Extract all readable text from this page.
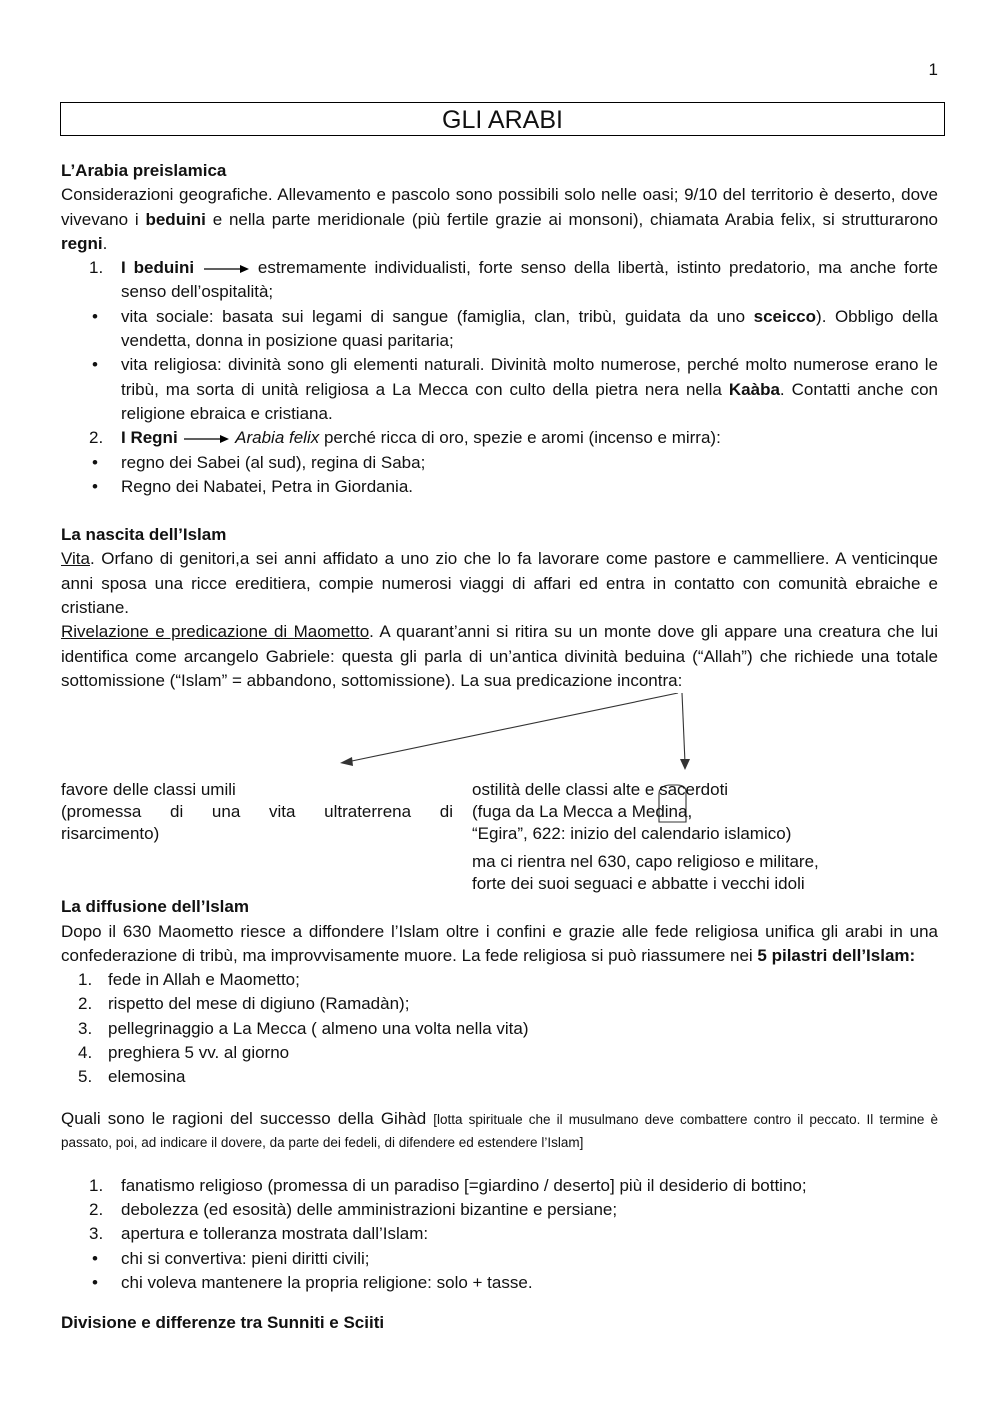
1
GLI ARABI
L’Arabia preislamica
Considerazioni geografiche. Allevamento e pascolo sono possibili solo nelle oasi; 9/10 del territorio è deserto, dove vivevano i beduini e nella parte meridionale (più fertile grazie ai monsoni), chiamata Arabia felix, si strutturarono regni.
1. I beduini	estremamente individualisti, forte senso della libertà, istinto predatorio, ma anche forte senso dell’ospitalità;
• vita sociale: basata sui legami di sangue (famiglia, clan, tribù, guidata da uno sceicco). Obbligo della vendetta, donna in posizione quasi paritaria;
• vita religiosa: divinità sono gli elementi naturali. Divinità molto numerose, perché molto numerose erano le tribù, ma sorta di unità religiosa a La Mecca con culto della pietra nera nella Kaàba. Contatti anche con religione ebraica e cristiana.
2. I Regni	Arabia felix perché ricca di oro, spezie e aromi (incenso e mirra):
• regno dei Sabei (al sud), regina di Saba;
• Regno dei Nabatei, Petra in Giordania.
La nascita dell’Islam
Vita. Orfano di genitori,a sei anni affidato a uno zio che lo fa lavorare come pastore e cammelliere. A venticinque anni sposa una ricce ereditiera, compie numerosi viaggi di affari ed entra in contatto con comunità ebraiche e cristiane.
Rivelazione e predicazione di Maometto. A quarant’anni si ritira su un monte dove gli appare una creatura che lui identifica come arcangelo Gabriele: questa gli parla di un’antica divinità beduina (“Allah”) che richiede una totale sottomissione (“Islam” = abbandono, sottomissione). La sua predicazione incontra:
favore delle classi umili
(promessa di una vita ultraterrena di
risarcimento)
ostilità delle classi alte e sacerdoti
(fuga da La Mecca a Medina,
“Egira”, 622: inizio del calendario islamico)
ma ci rientra nel 630, capo religioso e militare,
forte dei suoi seguaci e abbatte i vecchi idoli
La diffusione dell’Islam
Dopo il 630 Maometto riesce a diffondere l’Islam oltre i confini e grazie alle fede religiosa unifica gli arabi in una confederazione di tribù, ma improvvisamente muore. La fede religiosa si può riassumere nei 5 pilastri dell’Islam:
1. fede in Allah e Maometto;
2. rispetto del mese di digiuno (Ramadàn);
3. pellegrinaggio a La Mecca ( almeno una volta nella vita)
4. preghiera 5 vv. al giorno
5. elemosina
Quali sono le ragioni del successo della Gihàd [lotta spirituale che il musulmano deve combattere contro il peccato. Il termine è passato, poi, ad indicare il dovere, da parte dei fedeli, di difendere ed estendere l’Islam]
1. fanatismo religioso (promessa di un paradiso [=giardino / deserto] più il desiderio di bottino;
2. debolezza (ed esosità) delle amministrazioni bizantine e persiane;
3. apertura e tolleranza mostrata dall’Islam:
• chi si convertiva: pieni diritti civili;
• chi voleva mantenere la propria religione: solo + tasse.
Divisione e differenze tra Sunniti e Sciiti
